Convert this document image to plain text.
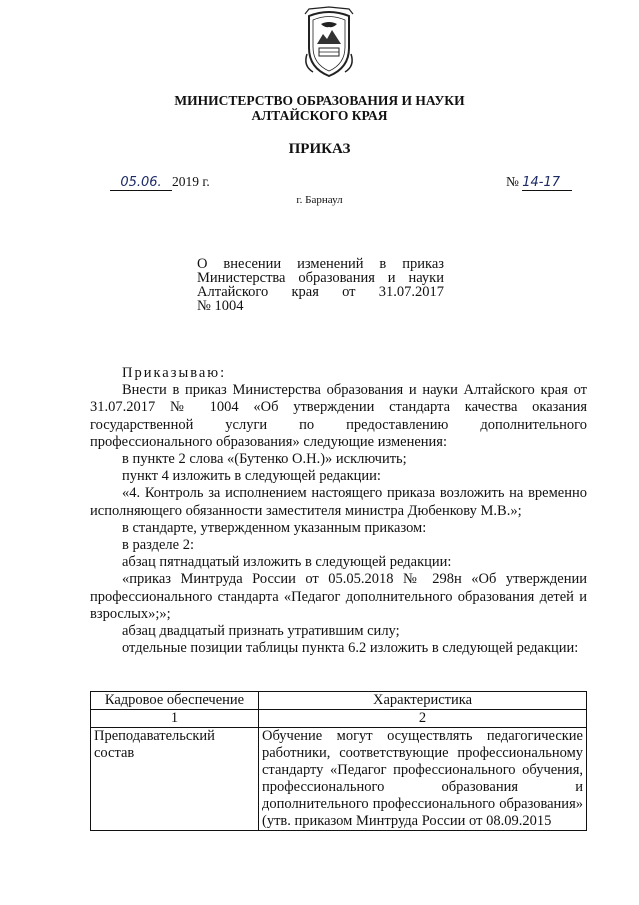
МИНИСТЕРСТВО ОБРАЗОВАНИЯ И НАУКИ
АЛТАЙСКОГО КРАЯ
ПРИКАЗ
05.06. 2019 г.	№ 14-17
г. Барнаул
О внесении изменений в приказ
Министерства образования и науки
Алтайского края от 31.07.2017
№ 1004

Приказываю:

Внести в приказ Министерства образования и науки Алтайского края от 31.07.2017 № 1004 «Об утверждении стандарта качества оказания государственной услуги по предоставлению дополнительного профессионального образования» следующие изменения:

в пункте 2 слова «(Бутенко О.Н.)» исключить;

пункт 4 изложить в следующей редакции:

«4. Контроль за исполнением настоящего приказа возложить на временно исполняющего обязанности заместителя министра Дюбенкову М.В.»;

в стандарте, утвержденном указанным приказом:

в разделе 2:

абзац пятнадцатый изложить в следующей редакции:

«приказ Минтруда России от 05.05.2018 № 298н «Об утверждении профессионального стандарта «Педагог дополнительного образования детей и взрослых»;»;

абзац двадцатый признать утратившим силу;

отдельные позиции таблицы пункта 6.2 изложить в следующей редакции:

Кадровое обеспечение	Характеристика
1	2
Преподавательский состав	Обучение могут осуществлять педагогические работники, соответствующие профессиональному стандарту «Педагог профессионального обучения, профессионального образования и дополнительного профессионального образования» (утв. приказом Минтруда России от 08.09.2015
